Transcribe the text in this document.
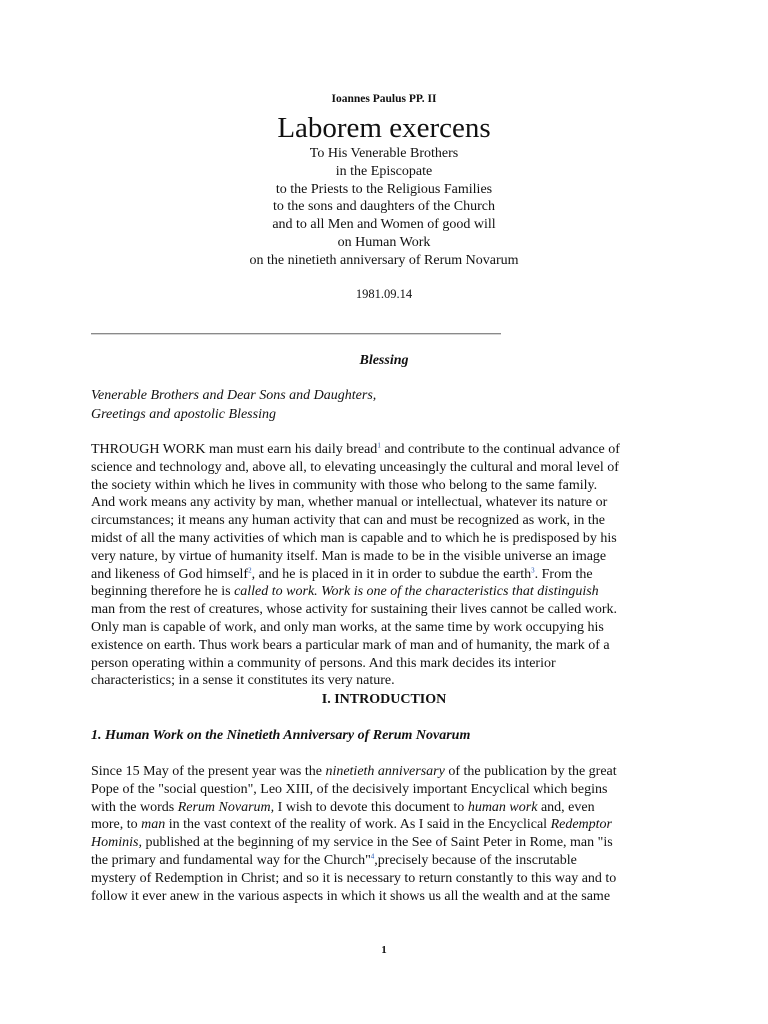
Ioannes Paulus PP. II
Laborem exercens
To His Venerable Brothers
in the Episcopate
to the Priests to the Religious Families
to the sons and daughters of the Church
and to all Men and Women of good will
on Human Work
on the ninetieth anniversary of Rerum Novarum
1981.09.14
Blessing
Venerable Brothers and Dear Sons and Daughters,
Greetings and apostolic Blessing
THROUGH WORK man must earn his daily bread$^1$ and contribute to the continual advance of
science and technology and, above all, to elevating unceasingly the cultural and moral level of
the society within which he lives in community with those who belong to the same family.
And work means any activity by man, whether manual or intellectual, whatever its nature or
circumstances; it means any human activity that can and must be recognized as work, in the
midst of all the many activities of which man is capable and to which he is predisposed by his
very nature, by virtue of humanity itself. Man is made to be in the visible universe an image
and likeness of God himself$^2$, and he is placed in it in order to subdue the earth$^3$. From the
beginning therefore he is called to work. Work is one of the characteristics that distinguish
man from the rest of creatures, whose activity for sustaining their lives cannot be called work.
Only man is capable of work, and only man works, at the same time by work occupying his
existence on earth. Thus work bears a particular mark of man and of humanity, the mark of a
person operating within a community of persons. And this mark decides its interior
characteristics; in a sense it constitutes its very nature.
I. INTRODUCTION
1. Human Work on the Ninetieth Anniversary of Rerum Novarum
Since 15 May of the present year was the ninetieth anniversary of the publication by the great
Pope of the "social question", Leo XIII, of the decisively important Encyclical which begins
with the words Rerum Novarum, I wish to devote this document to human work and, even
more, to man in the vast context of the reality of work. As I said in the Encyclical Redemptor
Hominis, published at the beginning of my service in the See of Saint Peter in Rome, man "is
the primary and fundamental way for the Church"$^4$,precisely because of the inscrutable
mystery of Redemption in Christ; and so it is necessary to return constantly to this way and to
follow it ever anew in the various aspects in which it shows us all the wealth and at the same
1
